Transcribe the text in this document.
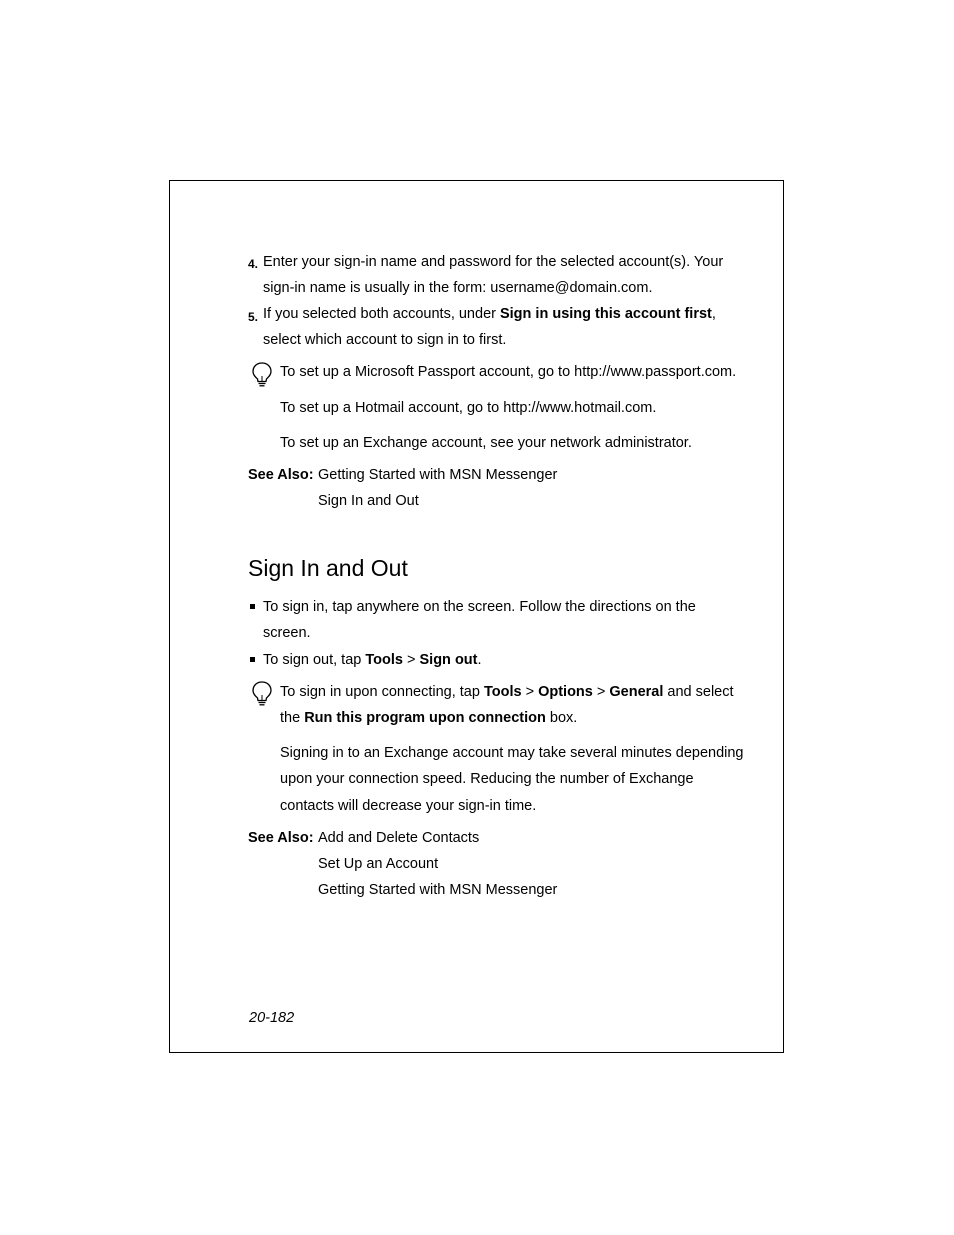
4. Enter your sign-in name and password for the selected account(s). Your
sign-in name is usually in the form: username@domain.com.
5. If you selected both accounts, under Sign in using this account first,
select which account to sign in to first.
To set up a Microsoft Passport account, go to http://www.passport.com.
To set up a Hotmail account, go to http://www.hotmail.com.
To set up an Exchange account, see your network administrator.
See Also: Getting Started with MSN Messenger
Sign In and Out
Sign In and Out
To sign in, tap anywhere on the screen. Follow the directions on the
screen.
To sign out, tap Tools > Sign out.
To sign in upon connecting, tap Tools > Options > General and select
the Run this program upon connection box.
Signing in to an Exchange account may take several minutes depending
upon your connection speed. Reducing the number of Exchange
contacts will decrease your sign-in time.
See Also: Add and Delete Contacts
Set Up an Account
Getting Started with MSN Messenger
20-182
